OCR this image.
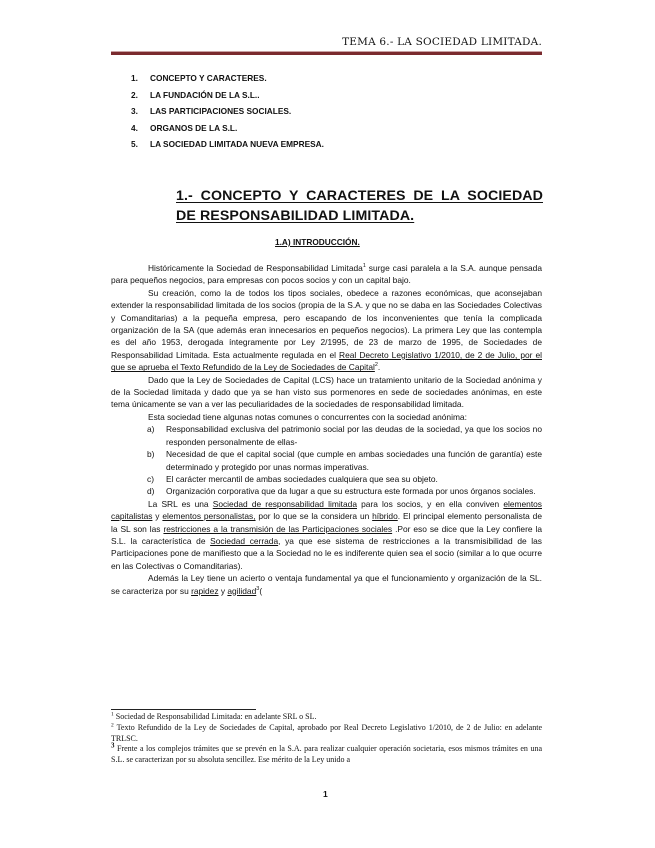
TEMA 6.- LA SOCIEDAD LIMITADA.
1.	CONCEPTO Y CARACTERES.
2.	LA FUNDACIÓN DE LA S.L..
3.	LAS PARTICIPACIONES SOCIALES.
4.	ORGANOS DE LA S.L.
5.	LA SOCIEDAD LIMITADA NUEVA EMPRESA.
1.- CONCEPTO Y CARACTERES DE LA SOCIEDAD DE RESPONSABILIDAD LIMITADA.
1.A) INTRODUCCIÓN.

Históricamente la Sociedad de Responsabilidad Limitada$^1$ surge casi paralela a la S.A. aunque pensada para pequeños negocios, para empresas con pocos socios y con un capital bajo.

Su creación, como la de todos los tipos sociales, obedece a razones económicas, que aconsejaban extender la responsabilidad limitada de los socios (propia de la S.A. y que no se daba en las Sociedades Colectivas y Comanditarias) a la pequeña empresa, pero escapando de los inconvenientes que tenía la complicada organización de la SA (que además eran innecesarios en pequeños negocios). La primera Ley que las contempla es del año 1953, derogada íntegramente por Ley 2/1995, de 23 de marzo de 1995, de Sociedades de Responsabilidad Limitada. Esta actualmente regulada en el Real Decreto Legislativo 1/2010, de 2 de Julio, por el que se aprueba el Texto Refundido de la Ley de Sociedades de Capital$^2$.

Dado que la Ley de Sociedades de Capital (LCS) hace un tratamiento unitario de la Sociedad anónima y de la Sociedad limitada y dado que ya se han visto sus pormenores en sede de sociedades anónimas, en este tema únicamente se van a ver las peculiaridades de la sociedades de responsabilidad limitada.

Esta sociedad tiene algunas notas comunes o concurrentes con la sociedad anónima:

a)	Responsabilidad exclusiva del patrimonio social por las deudas de la sociedad, ya que los socios no responden personalmente de ellas-
b)	Necesidad de que el capital social (que cumple en ambas sociedades una función de garantía) este determinado y protegido por unas normas imperativas.
c)	El carácter mercantil de ambas sociedades cualquiera que sea su objeto.
d)	Organización corporativa que da lugar a que su estructura este formada por unos órganos sociales.

La SRL es una Sociedad de responsabilidad limitada para los socios, y en ella conviven elementos capitalistas y elementos personalistas, por lo que se la considera un híbrido. El principal elemento personalista de la SL son las restricciones a la transmisión de las Participaciones sociales .Por eso se dice que la Ley confiere la S.L. la característica de Sociedad cerrada, ya que ese sistema de restricciones a la transmisibilidad de las Participaciones pone de manifiesto que a la Sociedad no le es indiferente quien sea el socio (similar a lo que ocurre en las Colectivas o Comanditarias).

Además la Ley tiene un acierto o ventaja fundamental ya que el funcionamiento y organización de la SL. se caracteriza por su rapidez y agilidad$^3$(

$^1$ Sociedad de Responsabilidad Limitada: en adelante SRL o SL.

$^2$ Texto Refundido de la Ley de Sociedades de Capital, aprobado por Real Decreto Legislativo 1/2010, de 2 de Julio: en adelante TRLSC.

$^3$ Frente a los complejos trámites que se prevén en la S.A. para realizar cualquier operación societaria, esos mismos trámites en una S.L. se caracterizan por su absoluta sencillez. Ese mérito de la Ley unido a

1
